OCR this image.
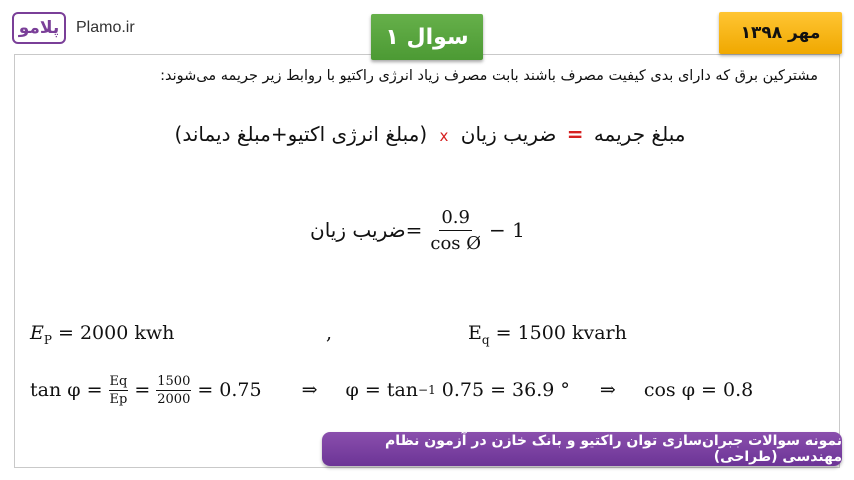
پلامو Plamo.ir	سوال ۱	مهر ۱۳۹۸
مشترکین برق که دارای بدی کیفیت مصرف باشند بابت مصرف زیاد انرژی راکتیو با روابط زیر جریمه می‌شوند:
مبلغ جریمه = ضریب زیان x (مبلغ انرژی اکتیو+مبلغ دیماند)
ضریب زیان = $\frac{0.9}{\text{cos Ø}} - 1$
$E_P = 2000$ kwh	,	$E_q = 1500$ kvarh
$\tan \varphi = \frac{Eq}{Ep} = \frac{1500}{2000} = 0.75$ ⇒ φ = tan −1 0.75 = 36.9 ° ⇒ cos φ = 0.8
نمونه سوالات جبران‌سازی توان راکتیو و بانک خازن در آزمون نظام مهندسی (طراحی)
